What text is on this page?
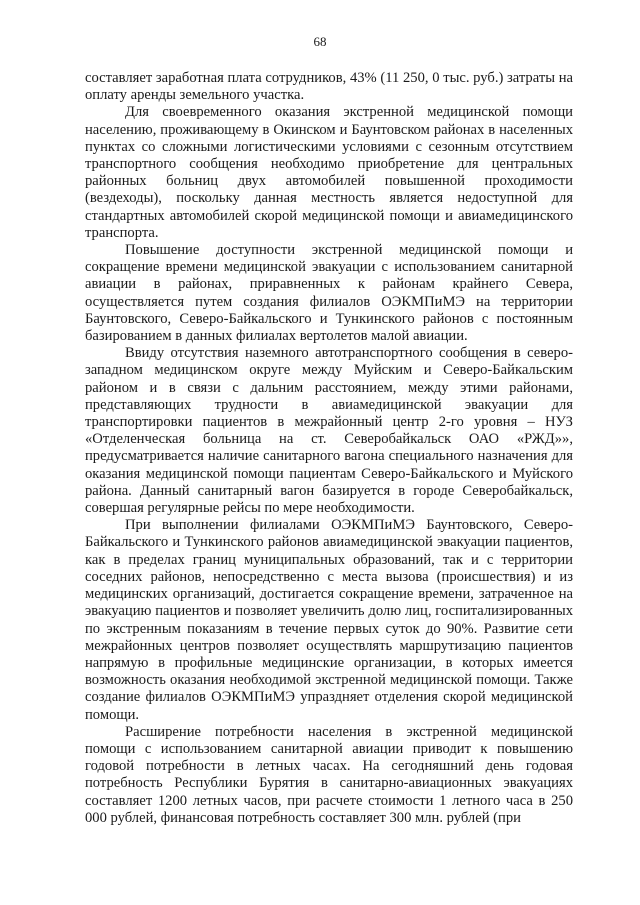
68

составляет заработная плата сотрудников, 43% (11 250, 0 тыс. руб.) затраты на оплату аренды земельного участка.

Для своевременного оказания экстренной медицинской помощи населению, проживающему в Окинском и Баунтовском районах в населенных пунктах со сложными логистическими условиями с сезонным отсутствием транспортного сообщения необходимо приобретение для центральных районных больниц двух автомобилей повышенной проходимости (вездеходы), поскольку данная местность является недоступной для стандартных автомобилей скорой медицинской помощи и авиамедицинского транспорта.

Повышение доступности экстренной медицинской помощи и сокращение времени медицинской эвакуации с использованием санитарной авиации в районах, приравненных к районам крайнего Севера, осуществляется путем создания филиалов ОЭКМПиМЭ на территории Баунтовского, Северо-Байкальского и Тункинского районов с постоянным базированием в данных филиалах вертолетов малой авиации.

Ввиду отсутствия наземного автотранспортного сообщения в северо-западном медицинском округе между Муйским и Северо-Байкальским районом и в связи с дальним расстоянием, между этими районами, представляющих трудности в авиамедицинской эвакуации для транспортировки пациентов в межрайонный центр 2-го уровня – НУЗ «Отделенческая больница на ст. Северобайкальск ОАО «РЖД»», предусматривается наличие санитарного вагона специального назначения для оказания медицинской помощи пациентам Северо-Байкальского и Муйского района. Данный санитарный вагон базируется в городе Северобайкальск, совершая регулярные рейсы по мере необходимости.

При выполнении филиалами ОЭКМПиМЭ Баунтовского, Северо-Байкальского и Тункинского районов авиамедицинской эвакуации пациентов, как в пределах границ муниципальных образований, так и с территории соседних районов, непосредственно с места вызова (происшествия) и из медицинских организаций, достигается сокращение времени, затраченное на эвакуацию пациентов и позволяет увеличить долю лиц, госпитализированных по экстренным показаниям в течение первых суток до 90%. Развитие сети межрайонных центров позволяет осуществлять маршрутизацию пациентов напрямую в профильные медицинские организации, в которых имеется возможность оказания необходимой экстренной медицинской помощи. Также создание филиалов ОЭКМПиМЭ упраздняет отделения скорой медицинской помощи.

Расширение потребности населения в экстренной медицинской помощи с использованием санитарной авиации приводит к повышению годовой потребности в летных часах. На сегодняшний день годовая потребность Республики Бурятия в санитарно-авиационных эвакуациях составляет 1200 летных часов, при расчете стоимости 1 летного часа в 250 000 рублей, финансовая потребность составляет 300 млн. рублей (при
